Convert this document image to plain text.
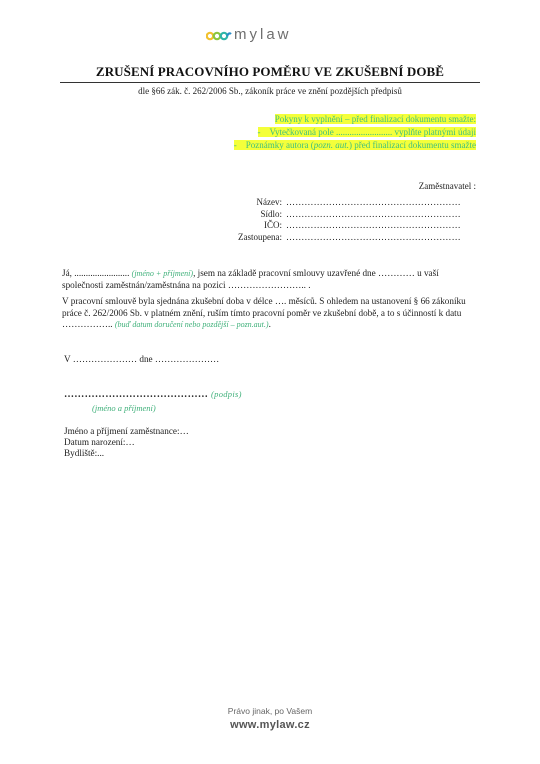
mylaw
ZRUŠENÍ PRACOVNÍHO POMĚRU VE ZKUŠEBNÍ DOBĚ
dle §66 zák. č. 262/2006 Sb., zákoník práce ve znění pozdějších předpisů
Pokyny k vyplnění – před finalizací dokumentu smažte:
- Vytečkovaná pole ......................... vyplňte platnými údaji
- Poznámky autora (pozn. aut.) před finalizací dokumentu smažte
Zaměstnavatel :
Název: …………………………………………………
Sídlo: …………………………………………………
IČO: …………………………………………………
Zastoupena: …………………………………………………
Já, ........................ (jméno + příjmení), jsem na základě pracovní smlouvy uzavřené dne ………… u vaší společnosti zaměstnán/zaměstnána na pozici …………………….. .
V pracovní smlouvě byla sjednána zkušební doba v délce …. měsíců. S ohledem na ustanovení § 66 zákoníku práce č. 262/2006 Sb. v platném znění, ruším tímto pracovní poměr ve zkušební době, a to s účinností k datu …………….. (buď datum doručení nebo pozdější – pozn.aut.).
V ………………… dne …………………
…………………………………… (podpis)
(jméno a příjmení)
Jméno a příjmení zaměstnance:…
Datum narození:…
Bydliště:...
Právo jinak, po Vašem
www.mylaw.cz
